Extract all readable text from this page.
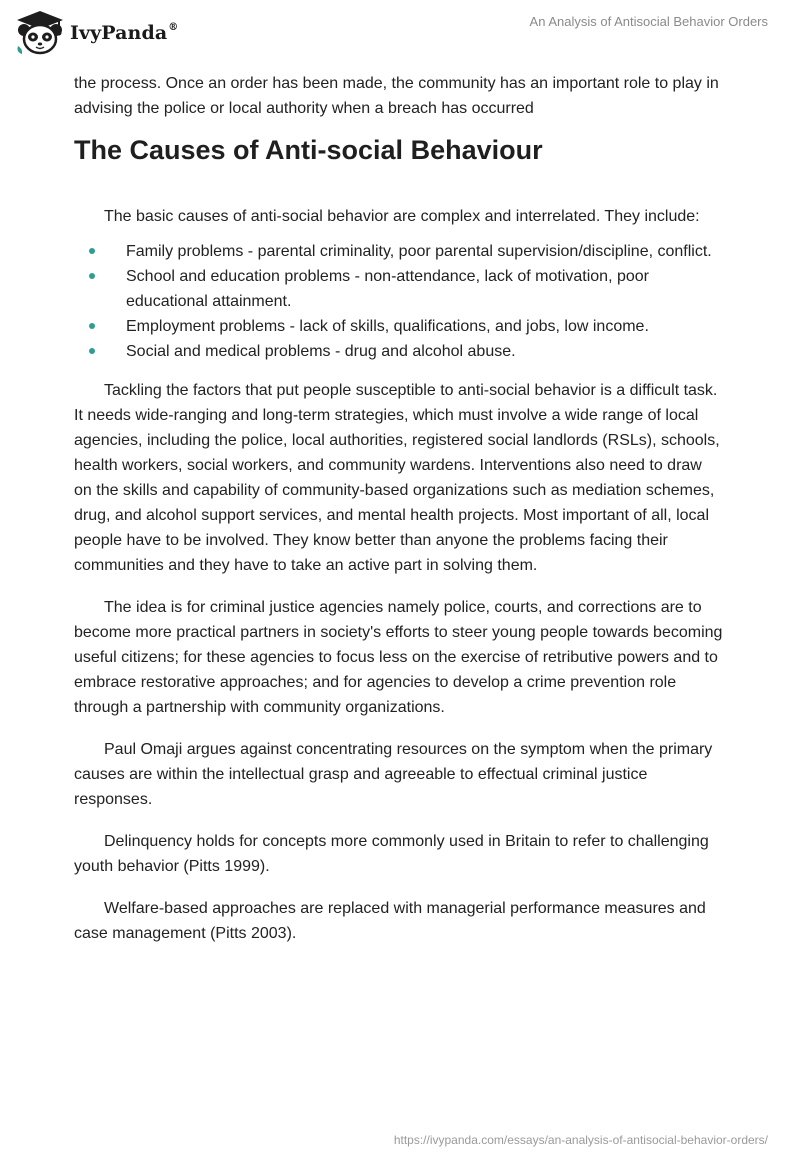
IvyPanda®	An Analysis of Antisocial Behavior Orders

the process. Once an order has been made, the community has an important role to play in advising the police or local authority when a breach has occurred

The Causes of Anti-social Behaviour

The basic causes of anti-social behavior are complex and interrelated. They include:

Family problems - parental criminality, poor parental supervision/discipline, conflict.
School and education problems - non-attendance, lack of motivation, poor educational attainment.
Employment problems - lack of skills, qualifications, and jobs, low income.
Social and medical problems - drug and alcohol abuse.

Tackling the factors that put people susceptible to anti-social behavior is a difficult task. It needs wide-ranging and long-term strategies, which must involve a wide range of local agencies, including the police, local authorities, registered social landlords (RSLs), schools, health workers, social workers, and community wardens. Interventions also need to draw on the skills and capability of community-based organizations such as mediation schemes, drug, and alcohol support services, and mental health projects. Most important of all, local people have to be involved. They know better than anyone the problems facing their communities and they have to take an active part in solving them.

The idea is for criminal justice agencies namely police, courts, and corrections are to become more practical partners in society's efforts to steer young people towards becoming useful citizens; for these agencies to focus less on the exercise of retributive powers and to embrace restorative approaches; and for agencies to develop a crime prevention role through a partnership with community organizations.

Paul Omaji argues against concentrating resources on the symptom when the primary causes are within the intellectual grasp and agreeable to effectual criminal justice responses.

Delinquency holds for concepts more commonly used in Britain to refer to challenging youth behavior (Pitts 1999).

Welfare-based approaches are replaced with managerial performance measures and case management (Pitts 2003).

https://ivypanda.com/essays/an-analysis-of-antisocial-behavior-orders/
